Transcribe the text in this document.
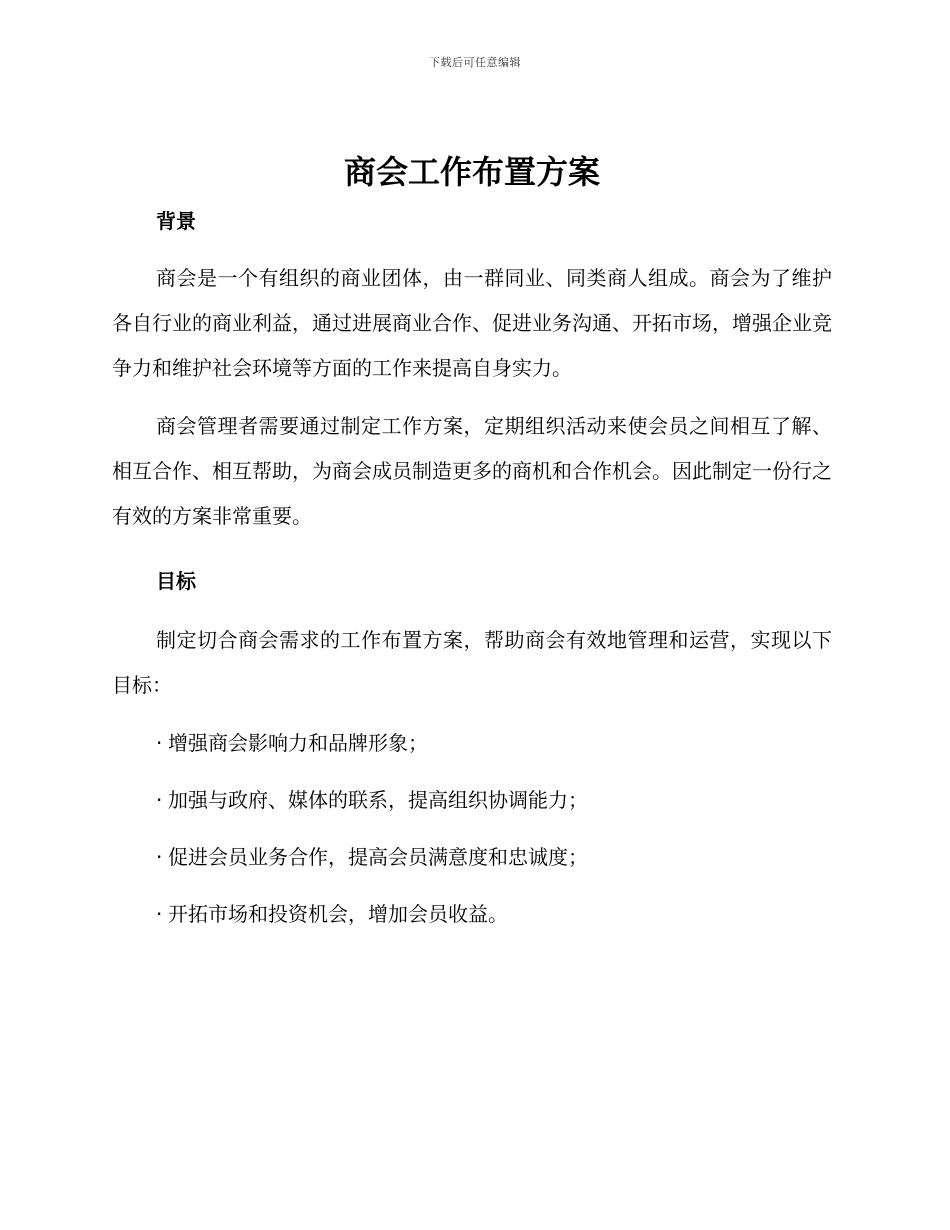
下载后可任意编辑
商会工作布置方案
背景

商会是一个有组织的商业团体，由一群同业、同类商人组成。商会为了维护各自行业的商业利益，通过进展商业合作、促进业务沟通、开拓市场，增强企业竞争力和维护社会环境等方面的工作来提高自身实力。

商会管理者需要通过制定工作方案，定期组织活动来使会员之间相互了解、相互合作、相互帮助，为商会成员制造更多的商机和合作机会。因此制定一份行之有效的方案非常重要。

目标

制定切合商会需求的工作布置方案，帮助商会有效地管理和运营，实现以下目标：

· 增强商会影响力和品牌形象；
· 加强与政府、媒体的联系，提高组织协调能力；
· 促进会员业务合作，提高会员满意度和忠诚度；
· 开拓市场和投资机会，增加会员收益。
